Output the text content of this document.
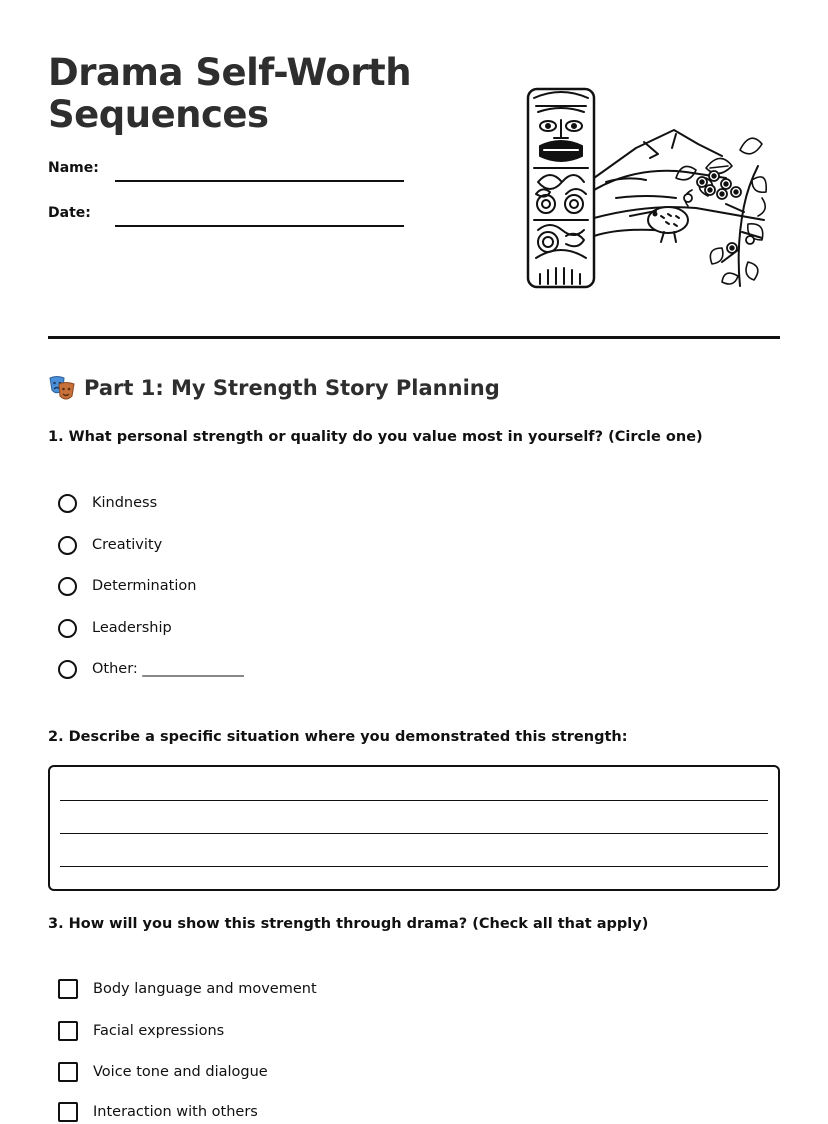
Drama Self-Worth Sequences
Name:
Date:
Part 1: My Strength Story Planning
1. What personal strength or quality do you value most in yourself? (Circle one)
Kindness
Creativity
Determination
Leadership
Other: ______________
2. Describe a specific situation where you demonstrated this strength:
3. How will you show this strength through drama? (Check all that apply)
Body language and movement
Facial expressions
Voice tone and dialogue
Interaction with others
